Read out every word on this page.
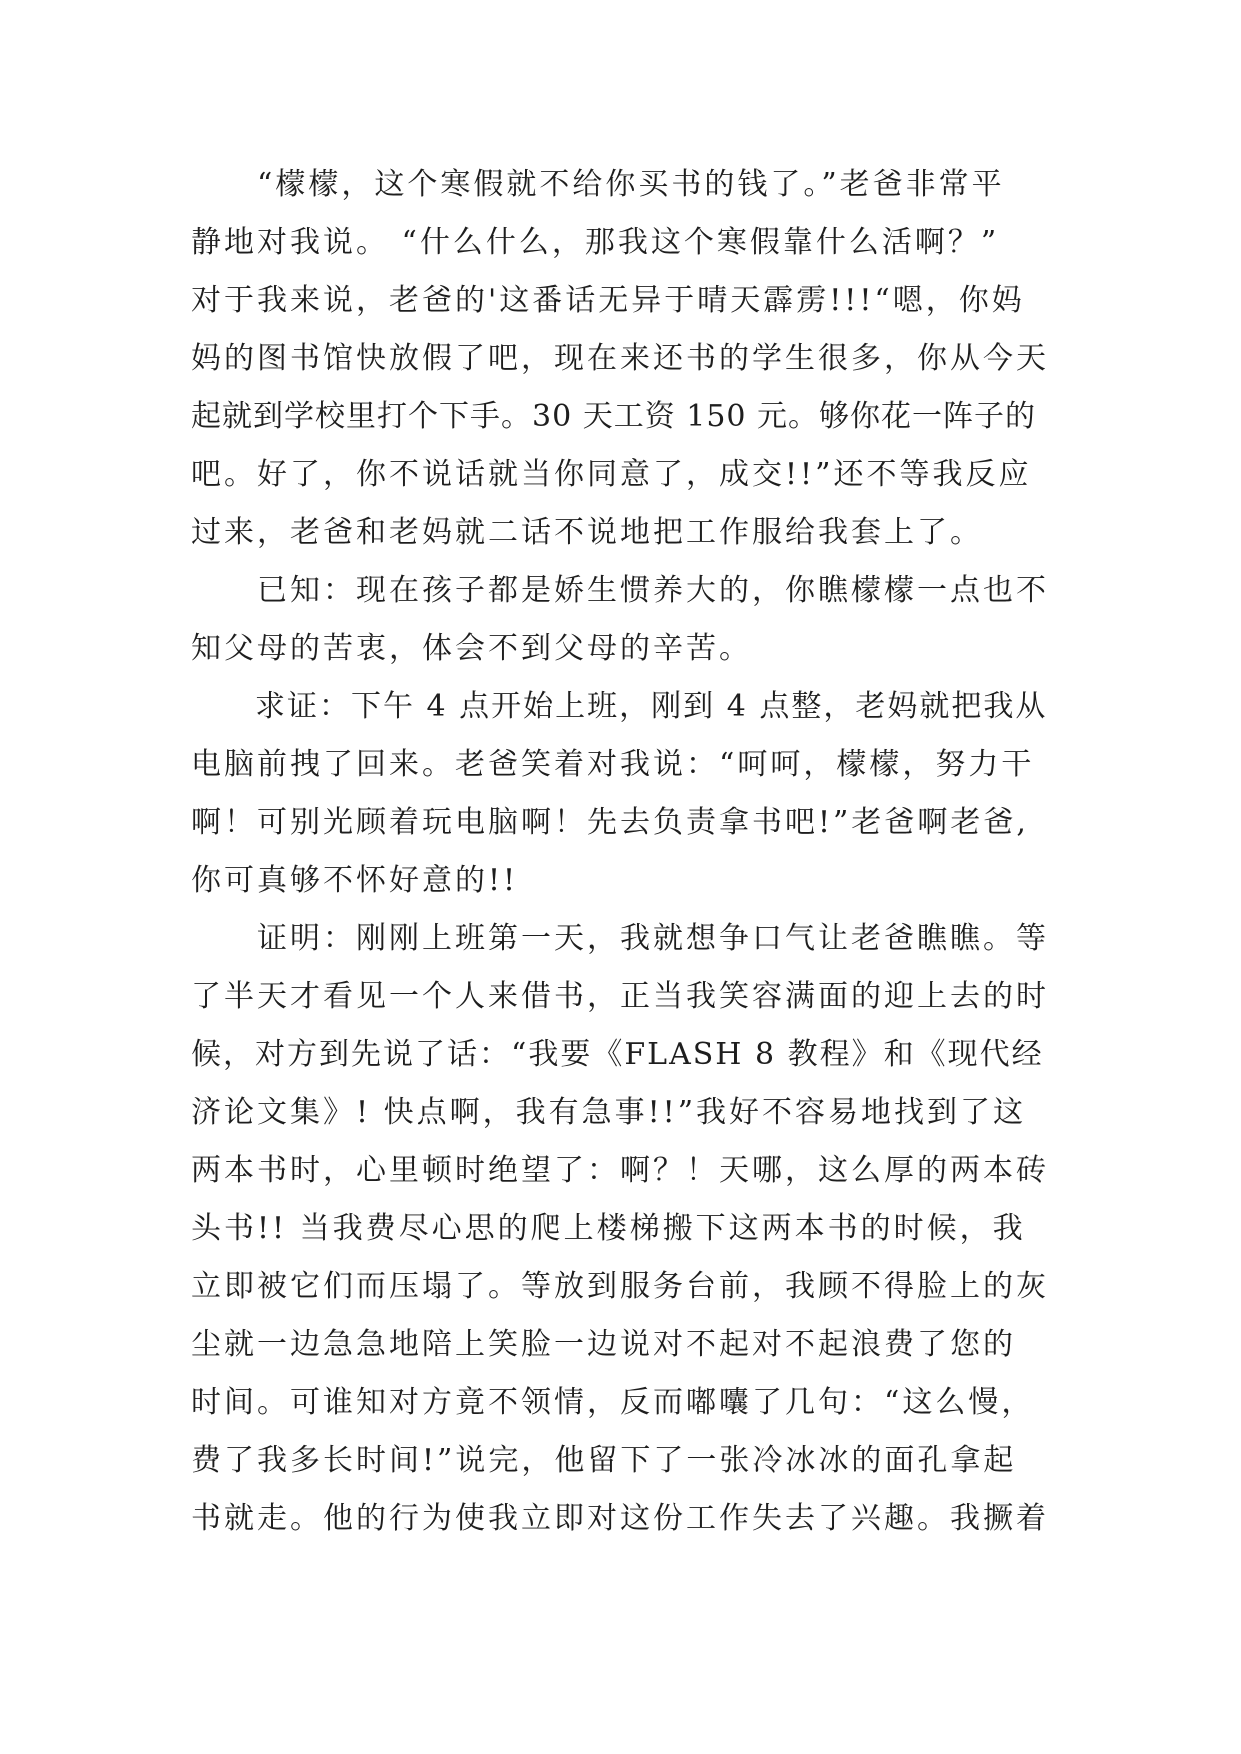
　　“檬檬，这个寒假就不给你买书的钱了。”老爸非常平
静地对我说。 “什么什么，那我这个寒假靠什么活啊？”
对于我来说，老爸的'这番话无异于晴天霹雳!!!“嗯，你妈
妈的图书馆快放假了吧，现在来还书的学生很多，你从今天
起就到学校里打个下手。30 天工资 150 元。够你花一阵子的
吧。好了，你不说话就当你同意了，成交!!”还不等我反应
过来，老爸和老妈就二话不说地把工作服给我套上了。
　　已知：现在孩子都是娇生惯养大的，你瞧檬檬一点也不
知父母的苦衷，体会不到父母的辛苦。
　　求证：下午 4 点开始上班，刚到 4 点整，老妈就把我从
电脑前拽了回来。老爸笑着对我说：“呵呵，檬檬，努力干
啊！可别光顾着玩电脑啊！先去负责拿书吧!”老爸啊老爸,
你可真够不怀好意的!!
　　证明：刚刚上班第一天，我就想争口气让老爸瞧瞧。等
了半天才看见一个人来借书，正当我笑容满面的迎上去的时
候，对方到先说了话：“我要《FLASH 8 教程》和《现代经
济论文集》! 快点啊，我有急事!!”我好不容易地找到了这
两本书时，心里顿时绝望了：啊？！天哪，这么厚的两本砖
头书!! 当我费尽心思的爬上楼梯搬下这两本书的时候，我
立即被它们而压塌了。等放到服务台前，我顾不得脸上的灰
尘就一边急急地陪上笑脸一边说对不起对不起浪费了您的
时间。可谁知对方竟不领情，反而嘟囔了几句：“这么慢，
费了我多长时间!”说完，他留下了一张冷冰冰的面孔拿起
书就走。他的行为使我立即对这份工作失去了兴趣。我撅着
